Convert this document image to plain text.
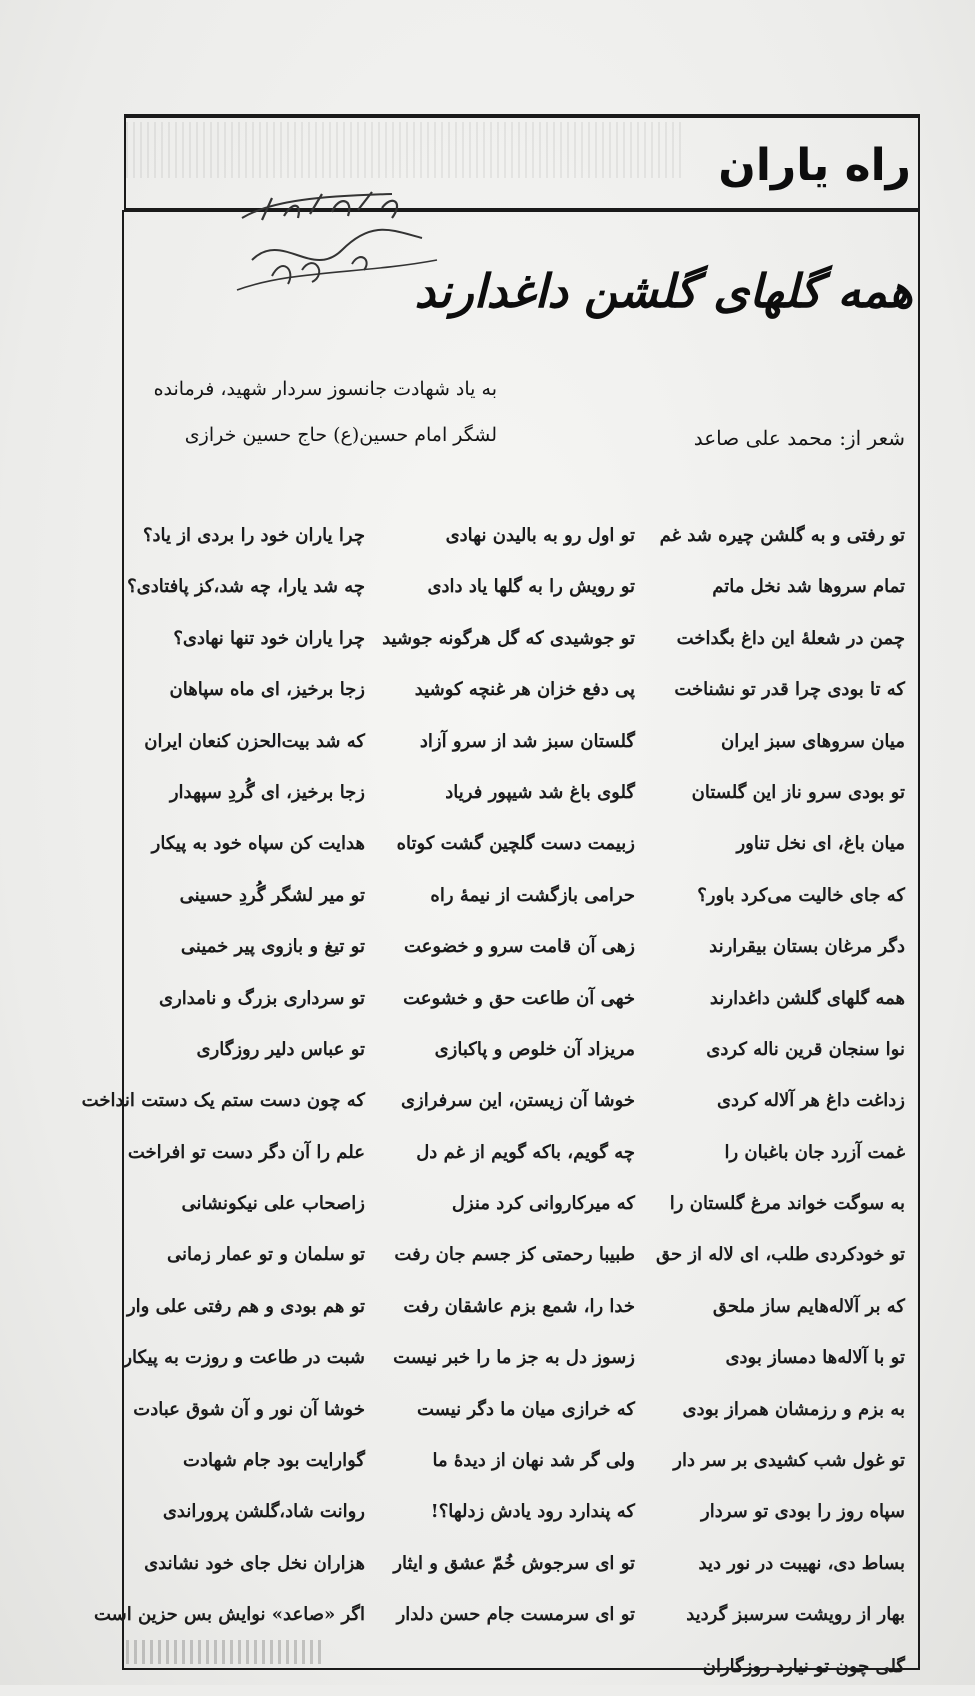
راه یاران
همه گلهای گلشن داغدارند
به یاد شهادت جانسوز سردار شهید، فرمانده
لشگر امام حسین(ع) حاج حسین خرازی	شعر از: محمد علی صاعد
تو رفتی و به گلشن چیره شد غم
تمام سروها شد نخل ماتم
چمن در شعلهٔ این داغ بگداخت
که تا بودی چرا قدر تو نشناخت
میان سروهای سبز ایران
تو بودی سرو ناز این گلستان
میان باغ، ای نخل تناور
که جای خالیت می‌کرد باور؟
دگر مرغان بستان بیقرارند
همه گلهای گلشن داغدارند
نوا سنجان قرین ناله کردی
زداغت داغ هر آلاله کردی
غمت آزرد جان باغبان را
به سوگت خواند مرغ گلستان را
تو خودکردی طلب، ای لاله از حق
که بر آلاله‌هایم ساز ملحق
تو با آلاله‌ها دمساز بودی
به بزم و رزمشان همراز بودی
تو غول شب کشیدی بر سر دار
سپاه روز را بودی تو سردار
بساط دی، نهیبت در نور دید
بهار از رویشت سرسبز گردید
گلی چون تو نیارد روزگاران
تو اول رو به بالیدن نهادی
تو رویش را به گلها یاد دادی
تو جوشیدی که گل هرگونه جوشید
پی دفع خزان هر غنچه کوشید
گلستان سبز شد از سرو آزاد
گلوی باغ شد شیپور فریاد
زبیمت دست گلچین گشت کوتاه
حرامی بازگشت از نیمهٔ راه
زهی آن قامت سرو و خضوعت
خهی آن طاعت حق و خشوعت
مریزاد آن خلوص و پاکبازی
خوشا آن زیستن، این سرفرازی
چه گویم، باکه گویم از غم دل
که میرکاروانی کرد منزل
طبیبا رحمتی کز جسم جان رفت
خدا را، شمع بزم عاشقان رفت
زسوز دل به جز ما را خبر نیست
که خرازی میان ما دگر نیست
ولی گر شد نهان از دیدهٔ ما
که پندارد رود یادش زدلها؟!
تو ای سرجوش خُمّ عشق و ایثار
تو ای سرمست جام حسن دلدار
چرا یاران خود را بردی از یاد؟
چه شد یارا، چه شد،کز پافتادی؟
چرا یاران خود تنها نهادی؟
زجا برخیز، ای ماه سپاهان
که شد بیت‌الحزن کنعان ایران
زجا برخیز، ای گُردِ سپهدار
هدایت کن سپاه خود به پیکار
تو میر لشگر گُردِ حسینی
تو تیغ و بازوی پیر خمینی
تو سرداری بزرگ و نامداری
تو عباس دلیر روزگاری
که چون دست ستم یک دستت انداخت
علم را آن دگر دست تو افراخت
زاصحاب علی نیکونشانی
تو سلمان و تو عمار زمانی
تو هم بودی و هم رفتی علی وار
شبت در طاعت و روزت به پیکار
خوشا آن نور و آن شوق عبادت
گوارایت بود جام شهادت
روانت شاد،گلشن پروراندی
هزاران نخل جای خود نشاندی
اگر «صاعد» نوایش بس حزین است
